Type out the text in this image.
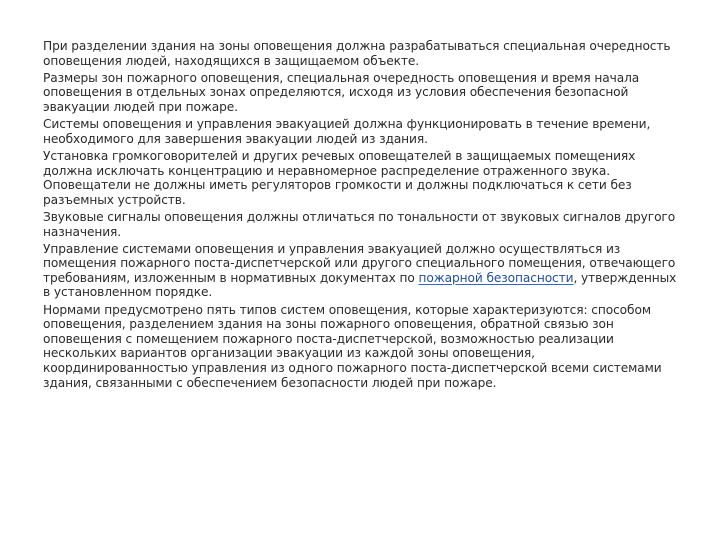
При разделении здания на зоны оповещения должна разрабатываться специальная очередность оповещения людей, находящихся в защищаемом объекте.

Размеры зон пожарного оповещения, специальная очередность оповещения и время начала оповещения в отдельных зонах определяются, исходя из условия обеспечения безопасной эвакуации людей при пожаре.

Системы оповещения и управления эвакуацией должна функционировать в течение времени, необходимого для завершения эвакуации людей из здания.

Установка громкоговорителей и других речевых оповещателей в защищаемых помещениях должна исключать концентрацию и неравномерное распределение отраженного звука. Оповещатели не должны иметь регуляторов громкости и должны подключаться к сети без разъемных устройств.

Звуковые сигналы оповещения должны отличаться по тональности от звуковых сигналов другого назначения.

Управление системами оповещения и управления эвакуацией должно осуществляться из помещения пожарного поста-диспетчерской или другого специального помещения, отвечающего требованиям, изложенным в нормативных документах по пожарной безопасности, утвержденных в установленном порядке.

Нормами предусмотрено пять типов систем оповещения, которые характеризуются: способом оповещения, разделением здания на зоны пожарного оповещения, обратной связью зон оповещения с помещением пожарного поста-диспетчерской, возможностью реализации нескольких вариантов организации эвакуации из каждой зоны оповещения, координированностью управления из одного пожарного поста-диспетчерской всеми системами здания, связанными с обеспечением безопасности людей при пожаре.
